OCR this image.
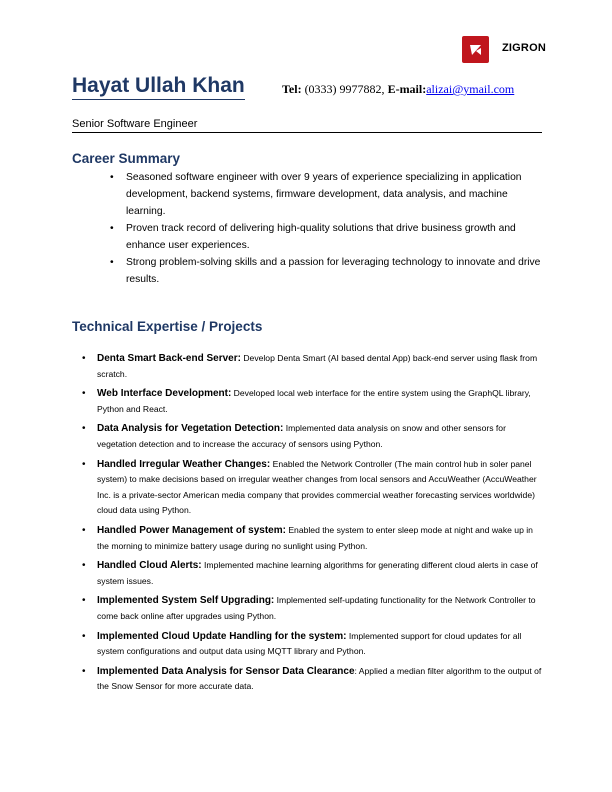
ZIGRON
Hayat Ullah Khan	Tel: (0333) 9977882, E-mail:alizai@ymail.com
Senior Software Engineer
Career Summary
• Seasoned software engineer with over 9 years of experience specializing in application development, backend systems, firmware development, data analysis, and machine learning.
• Proven track record of delivering high-quality solutions that drive business growth and enhance user experiences.
• Strong problem-solving skills and a passion for leveraging technology to innovate and drive results.
Technical Expertise / Projects
• Denta Smart Back-end Server: Develop Denta Smart (AI based dental App) back-end server using flask from scratch.
• Web Interface Development: Developed local web interface for the entire system using the GraphQL library, Python and React.
• Data Analysis for Vegetation Detection: Implemented data analysis on snow and other sensors for vegetation detection and to increase the accuracy of sensors using Python.
• Handled Irregular Weather Changes: Enabled the Network Controller (The main control hub in soler panel system) to make decisions based on irregular weather changes from local sensors and AccuWeather (AccuWeather Inc. is a private-sector American media company that provides commercial weather forecasting services worldwide) cloud data using Python.
• Handled Power Management of system: Enabled the system to enter sleep mode at night and wake up in the morning to minimize battery usage during no sunlight using Python.
• Handled Cloud Alerts: Implemented machine learning algorithms for generating different cloud alerts in case of system issues.
• Implemented System Self Upgrading: Implemented self-updating functionality for the Network Controller to come back online after upgrades using Python.
• Implemented Cloud Update Handling for the system: Implemented support for cloud updates for all system configurations and output data using MQTT library and Python.
• Implemented Data Analysis for Sensor Data Clearance: Applied a median filter algorithm to the output of the Snow Sensor for more accurate data.
